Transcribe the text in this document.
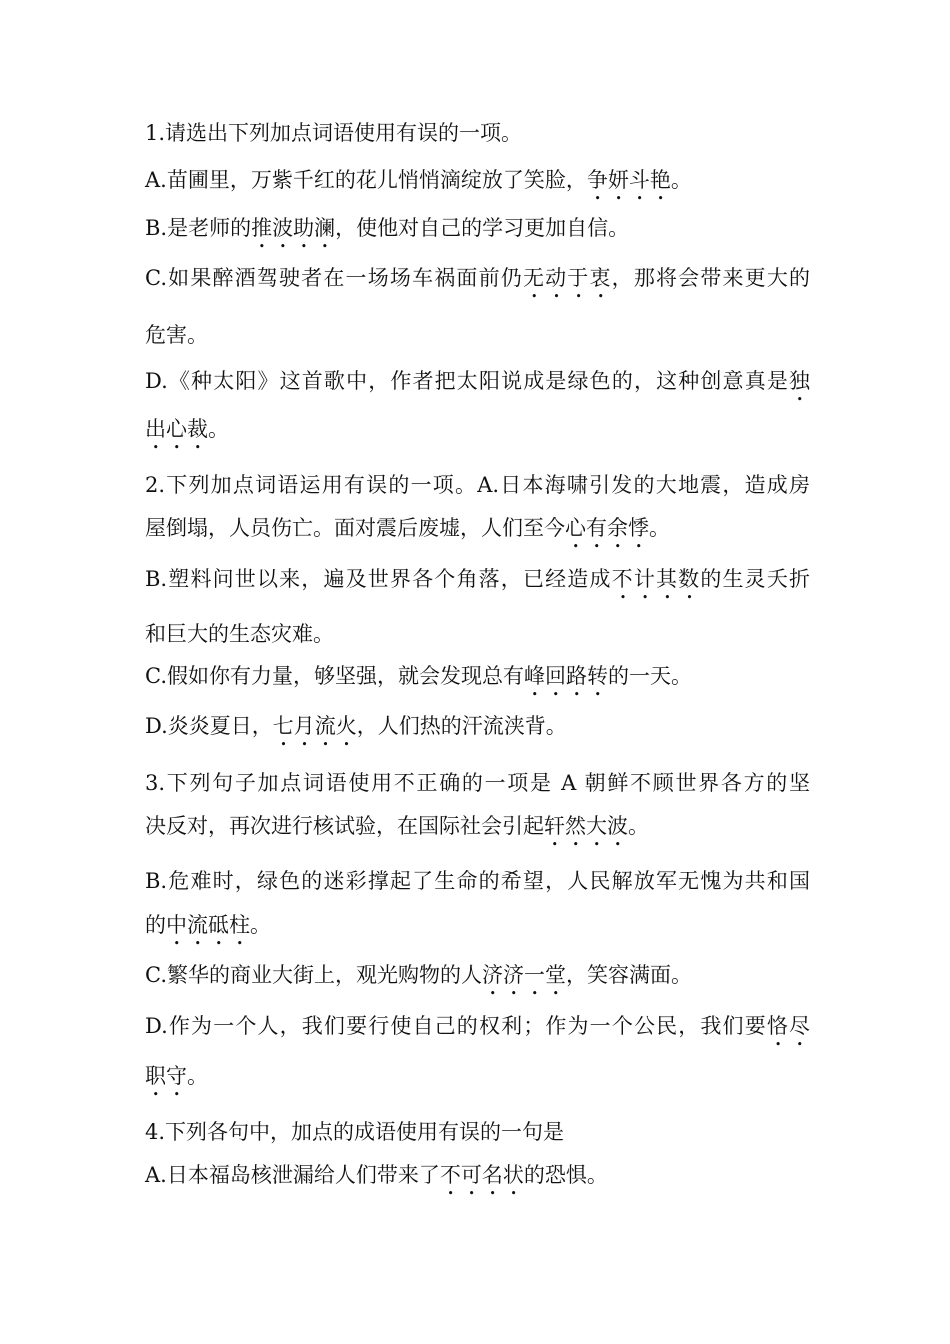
1.请选出下列加点词语使用有误的一项。
A.苗圃里，万紫千红的花儿悄悄滴绽放了笑脸，争妍斗艳。
B.是老师的推波助澜，使他对自己的学习更加自信。
C.如果醉酒驾驶者在一场场车祸面前仍无动于衷，那将会带来更大的
危害。
D.《种太阳》这首歌中，作者把太阳说成是绿色的，这种创意真是独
出心裁。
2.下列加点词语运用有误的一项。A.日本海啸引发的大地震，造成房
屋倒塌，人员伤亡。面对震后废墟，人们至今心有余悸。
B.塑料问世以来，遍及世界各个角落，已经造成不计其数的生灵夭折
和巨大的生态灾难。
C.假如你有力量，够坚强，就会发现总有峰回路转的一天。
D.炎炎夏日，七月流火，人们热的汗流浃背。
3.下列句子加点词语使用不正确的一项是 A 朝鲜不顾世界各方的坚
决反对，再次进行核试验，在国际社会引起轩然大波。
B.危难时，绿色的迷彩撑起了生命的希望，人民解放军无愧为共和国
的中流砥柱。
C.繁华的商业大街上，观光购物的人济济一堂，笑容满面。
D.作为一个人，我们要行使自己的权利；作为一个公民，我们要恪尽
职守。
4.下列各句中，加点的成语使用有误的一句是
A.日本福岛核泄漏给人们带来了不可名状的恐惧。
